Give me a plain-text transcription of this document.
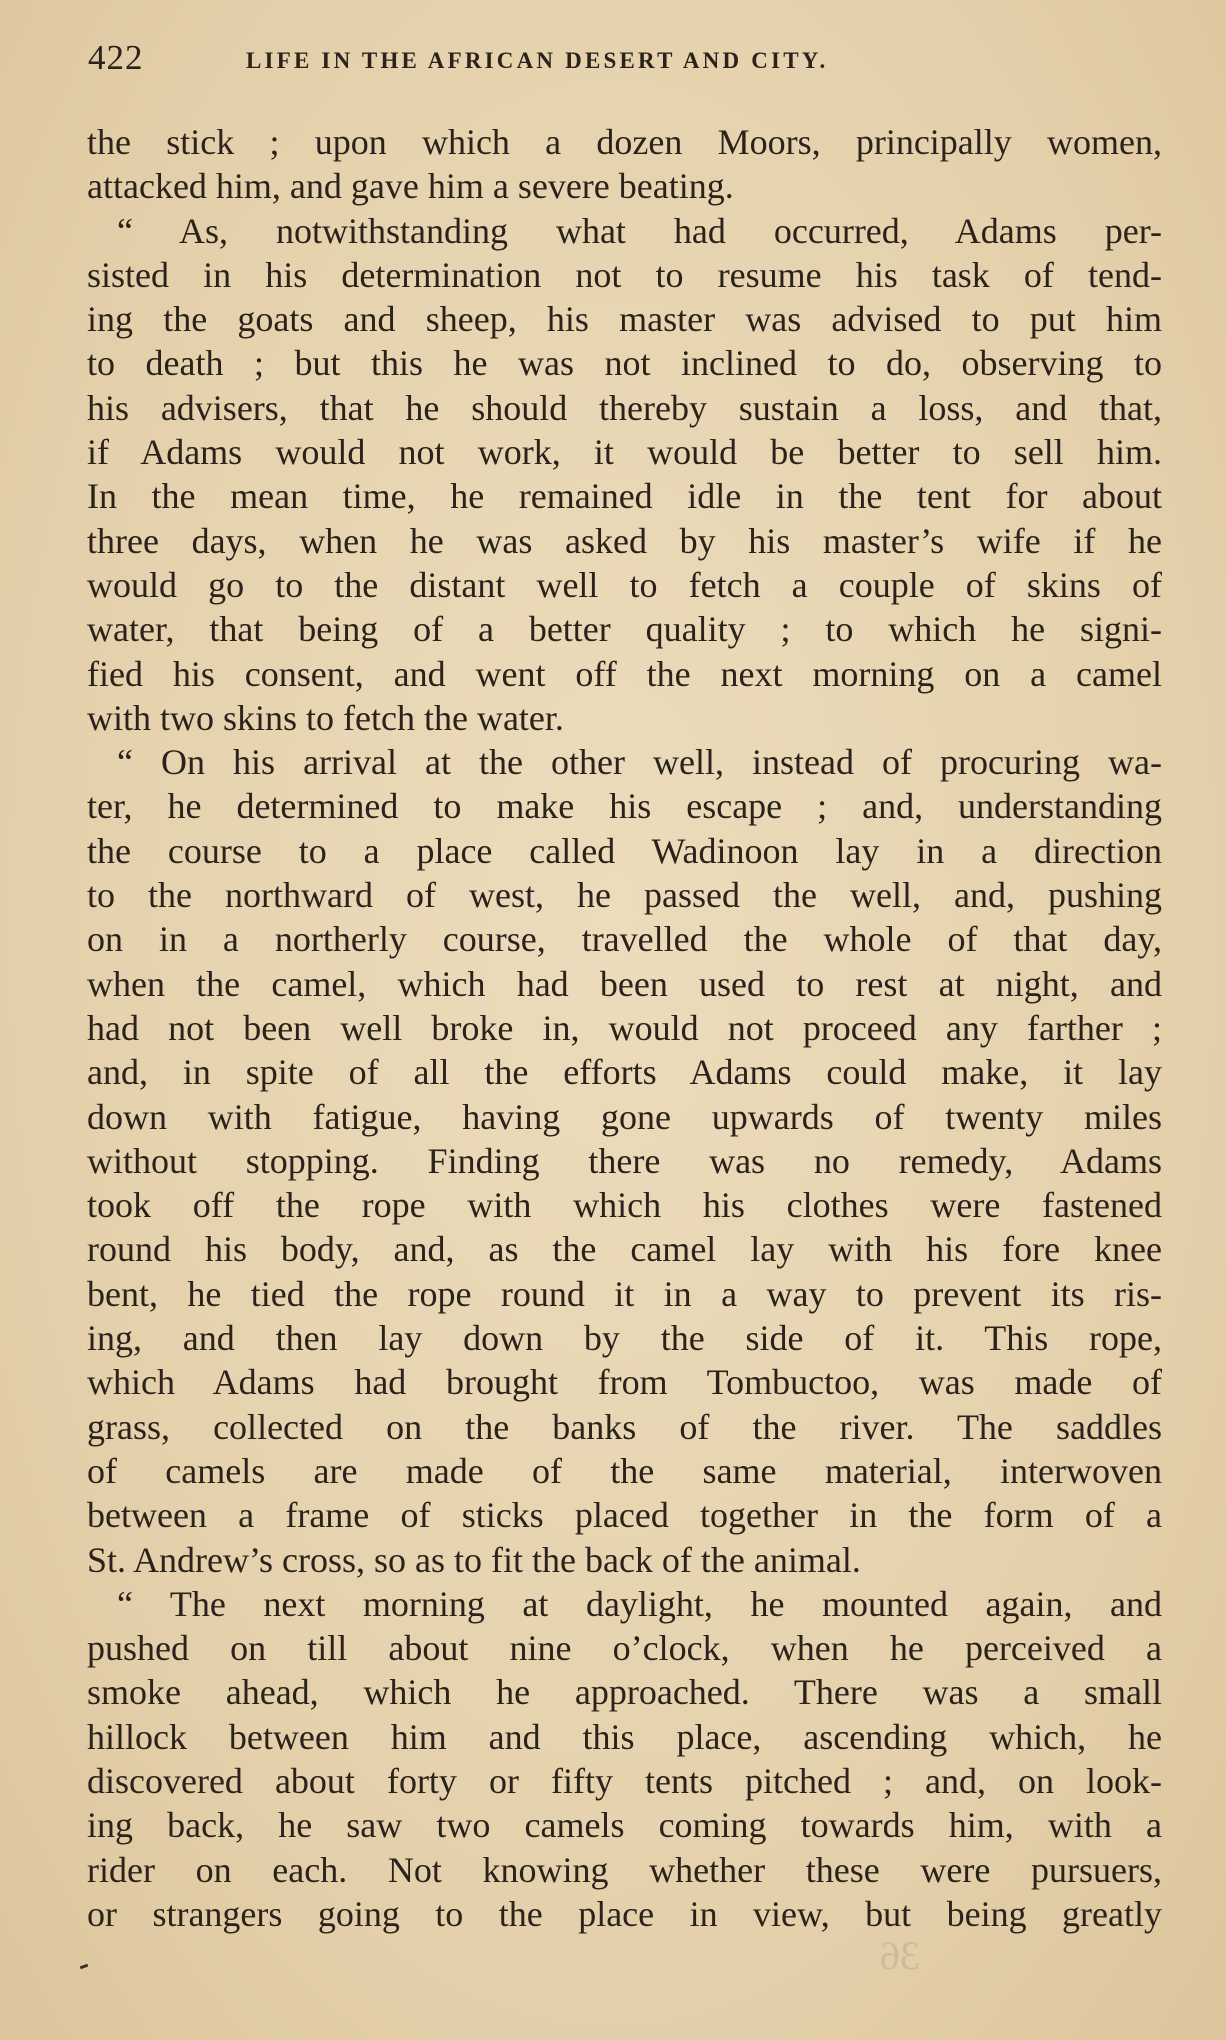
422	LIFE IN THE AFRICAN DESERT AND CITY.
the stick ; upon which a dozen Moors, principally women,
attacked him, and gave him a severe beating.
“ As, notwithstanding what had occurred, Adams per-
sisted in his determination not to resume his task of tend-
ing the goats and sheep, his master was advised to put him
to death ; but this he was not inclined to do, observing to
his advisers, that he should thereby sustain a loss, and that,
if Adams would not work, it would be better to sell him.
In the mean time, he remained idle in the tent for about
three days, when he was asked by his master’s wife if he
would go to the distant well to fetch a couple of skins of
water, that being of a better quality ; to which he signi-
fied his consent, and went off the next morning on a camel
with two skins to fetch the water.
“ On his arrival at the other well, instead of procuring wa-
ter, he determined to make his escape ; and, understanding
the course to a place called Wadinoon lay in a direction
to the northward of west, he passed the well, and, pushing
on in a northerly course, travelled the whole of that day,
when the camel, which had been used to rest at night, and
had not been well broke in, would not proceed any farther ;
and, in spite of all the efforts Adams could make, it lay
down with fatigue, having gone upwards of twenty miles
without stopping. Finding there was no remedy, Adams
took off the rope with which his clothes were fastened
round his body, and, as the camel lay with his fore knee
bent, he tied the rope round it in a way to prevent its ris-
ing, and then lay down by the side of it. This rope,
which Adams had brought from Tombuctoo, was made of
grass, collected on the banks of the river. The saddles
of camels are made of the same material, interwoven
between a frame of sticks placed together in the form of a
St. Andrew’s cross, so as to fit the back of the animal.
“ The next morning at daylight, he mounted again, and
pushed on till about nine o’clock, when he perceived a
smoke ahead, which he approached. There was a small
hillock between him and this place, ascending which, he
discovered about forty or fifty tents pitched ; and, on look-
ing back, he saw two camels coming towards him, with a
rider on each. Not knowing whether these were pursuers,
or strangers going to the place in view, but being greatly
36
